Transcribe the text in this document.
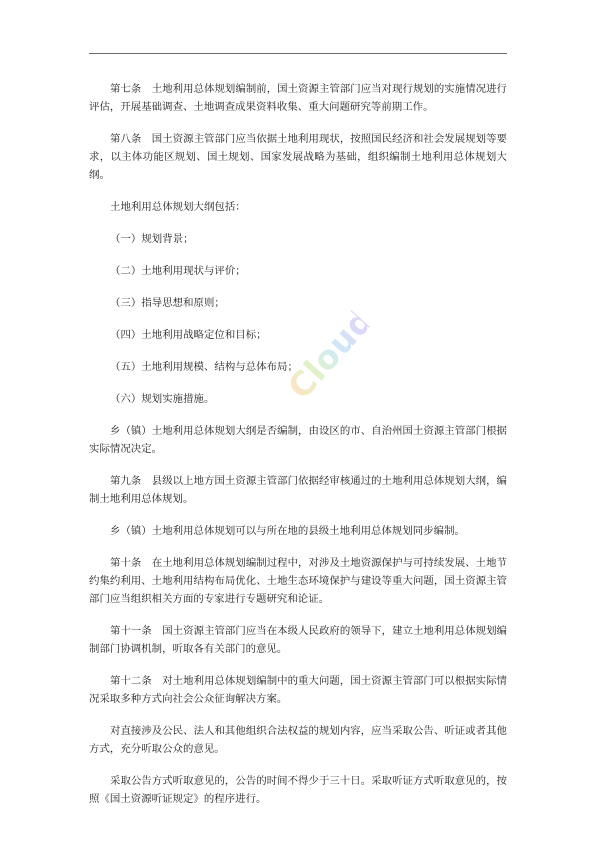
第七条　土地利用总体规划编制前，国土资源主管部门应当对现行规划的实施情况进行评估，开展基础调查、土地调查成果资料收集、重大问题研究等前期工作。

第八条　国土资源主管部门应当依据土地利用现状，按照国民经济和社会发展规划等要求，以主体功能区规划、国土规划、国家发展战略为基础，组织编制土地利用总体规划大纲。

土地利用总体规划大纲包括：

（一）规划背景；

（二）土地利用现状与评价；

（三）指导思想和原则；

（四）土地利用战略定位和目标；

（五）土地利用规模、结构与总体布局；

（六）规划实施措施。

乡（镇）土地利用总体规划大纲是否编制，由设区的市、自治州国土资源主管部门根据实际情况决定。

第九条　县级以上地方国土资源主管部门依据经审核通过的土地利用总体规划大纲，编制土地利用总体规划。

乡（镇）土地利用总体规划可以与所在地的县级土地利用总体规划同步编制。

第十条　在土地利用总体规划编制过程中，对涉及土地资源保护与可持续发展、土地节约集约利用、土地利用结构布局优化、土地生态环境保护与建设等重大问题，国土资源主管部门应当组织相关方面的专家进行专题研究和论证。

第十一条　国土资源主管部门应当在本级人民政府的领导下，建立土地利用总体规划编制部门协调机制，听取各有关部门的意见。

第十二条　对土地利用总体规划编制中的重大问题，国土资源主管部门可以根据实际情况采取多种方式向社会公众征询解决方案。

对直接涉及公民、法人和其他组织合法权益的规划内容，应当采取公告、听证或者其他方式，充分听取公众的意见。

采取公告方式听取意见的，公告的时间不得少于三十日。采取听证方式听取意见的，按照《国土资源听证规定》的程序进行。

Cloud
